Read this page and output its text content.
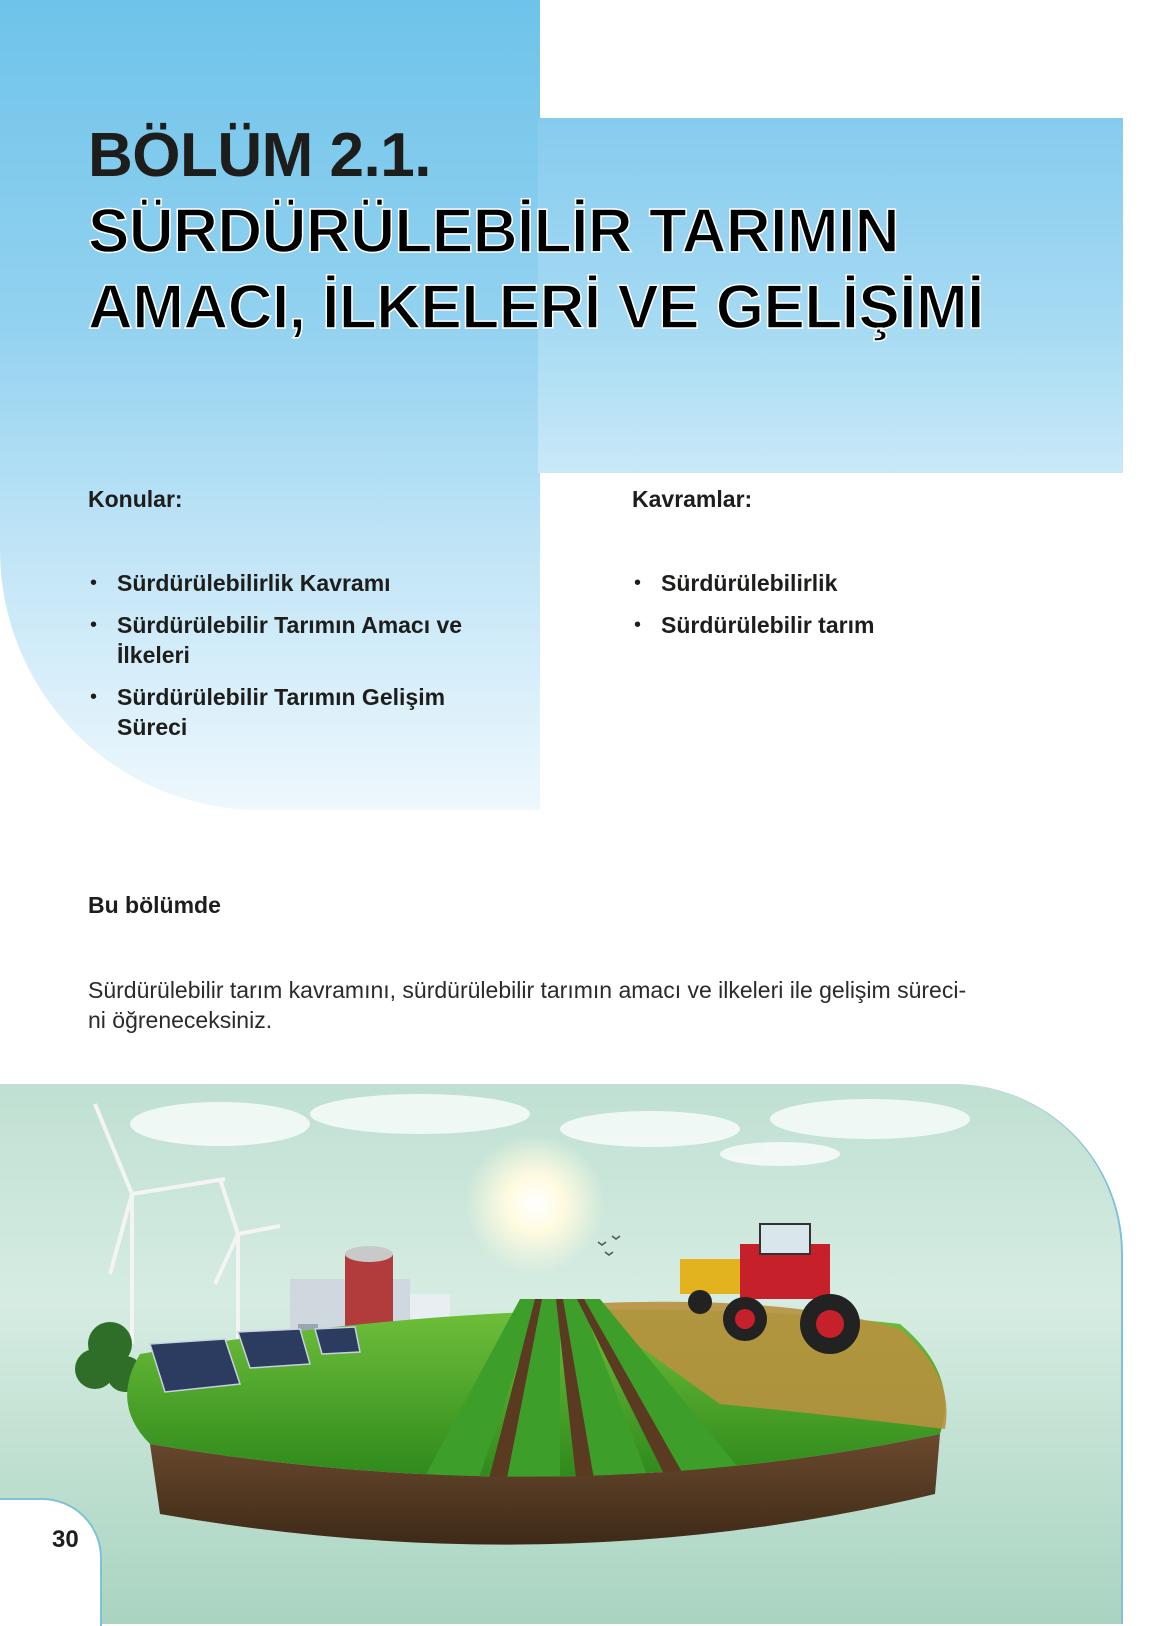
BÖLÜM 2.1.
SÜRDÜRÜLEBİLİR TARIMIN
AMACI, İLKELERİ VE GELİŞİMİ
Konular:
• Sürdürülebilirlik Kavramı
• Sürdürülebilir Tarımın Amacı ve
İlkeleri
• Sürdürülebilir Tarımın Gelişim
Süreci
Kavramlar:
• Sürdürülebilirlik
• Sürdürülebilir tarım
Bu bölümde
Sürdürülebilir tarım kavramını, sürdürülebilir tarımın amacı ve ilkeleri ile gelişim süreci-
ni öğreneceksiniz.
30
